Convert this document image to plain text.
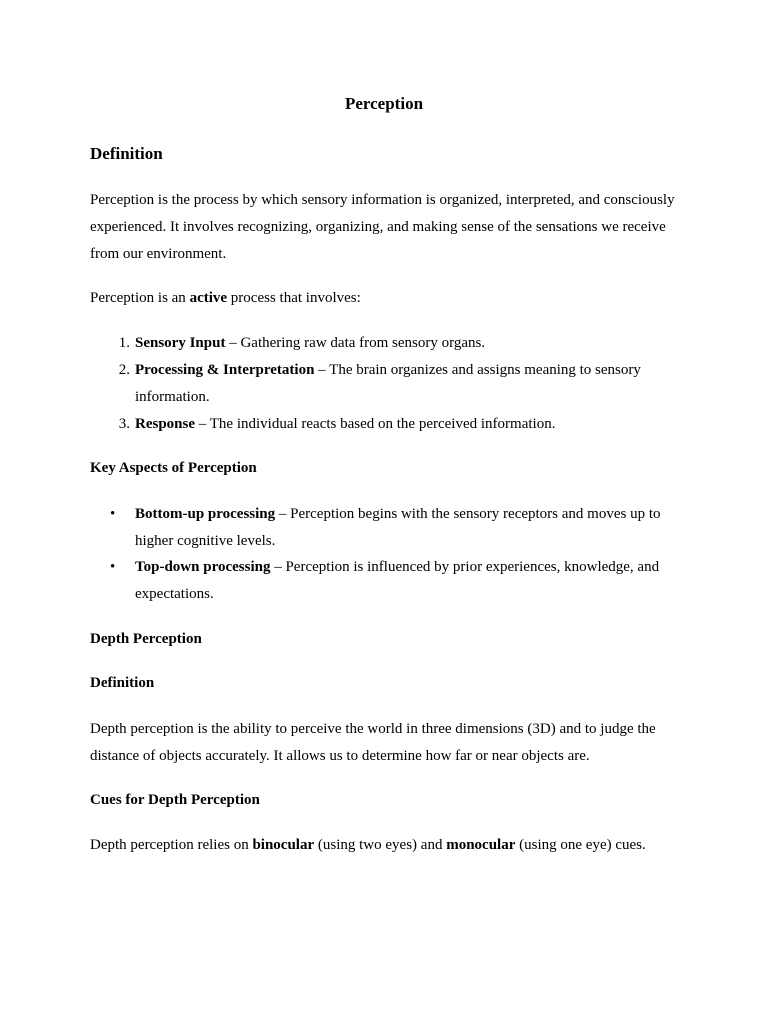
Perception

Definition

Perception is the process by which sensory information is organized, interpreted, and consciously experienced. It involves recognizing, organizing, and making sense of the sensations we receive from our environment.

Perception is an active process that involves:

1. Sensory Input – Gathering raw data from sensory organs.

2. Processing & Interpretation – The brain organizes and assigns meaning to sensory information.

3. Response – The individual reacts based on the perceived information.

Key Aspects of Perception

•	Bottom-up processing – Perception begins with the sensory receptors and moves up to higher cognitive levels.

•	Top-down processing – Perception is influenced by prior experiences, knowledge, and expectations.

Depth Perception

Definition

Depth perception is the ability to perceive the world in three dimensions (3D) and to judge the distance of objects accurately. It allows us to determine how far or near objects are.

Cues for Depth Perception

Depth perception relies on binocular (using two eyes) and monocular (using one eye) cues.
